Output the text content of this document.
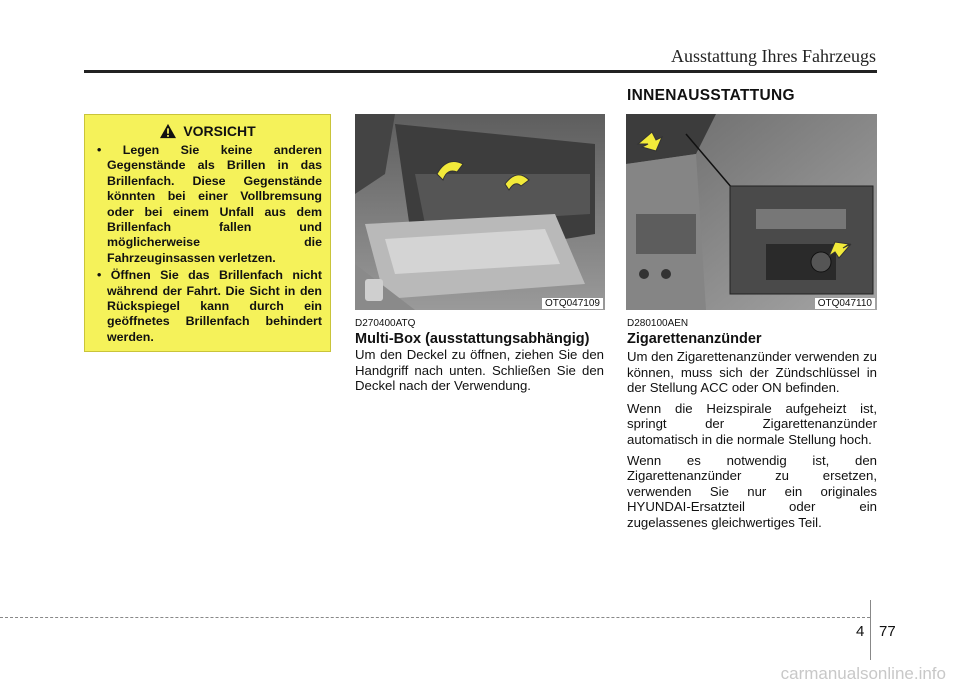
Ausstattung Ihres Fahrzeugs
VORSICHT
• Legen Sie keine anderen Gegenstände als Brillen in das Brillenfach. Diese Gegenstände könnten bei einer Vollbremsung oder bei einem Unfall aus dem Brillenfach fallen und möglicherweise die Fahrzeuginsassen verletzen.
• Öffnen Sie das Brillenfach nicht während der Fahrt. Die Sicht in den Rückspiegel kann durch ein geöffnetes Brillenfach behindert werden.
OTQ047109
D270400ATQ
Multi-Box (ausstattungsabhängig)
Um den Deckel zu öffnen, ziehen Sie den Handgriff nach unten. Schließen Sie den Deckel nach der Verwendung.
INNENAUSSTATTUNG
OTQ047110
D280100AEN
Zigarettenanzünder

Um den Zigarettenanzünder verwenden zu können, muss sich der Zündschlüssel in der Stellung ACC oder ON befinden.

Wenn die Heizspirale aufgeheizt ist, springt der Zigarettenanzünder automatisch in die normale Stellung hoch.

Wenn es notwendig ist, den Zigarettenanzünder zu ersetzen, verwenden Sie nur ein originales HYUNDAI-Ersatzteil oder ein zugelassenes gleichwertiges Teil.

4 77
carmanualsonline.info
